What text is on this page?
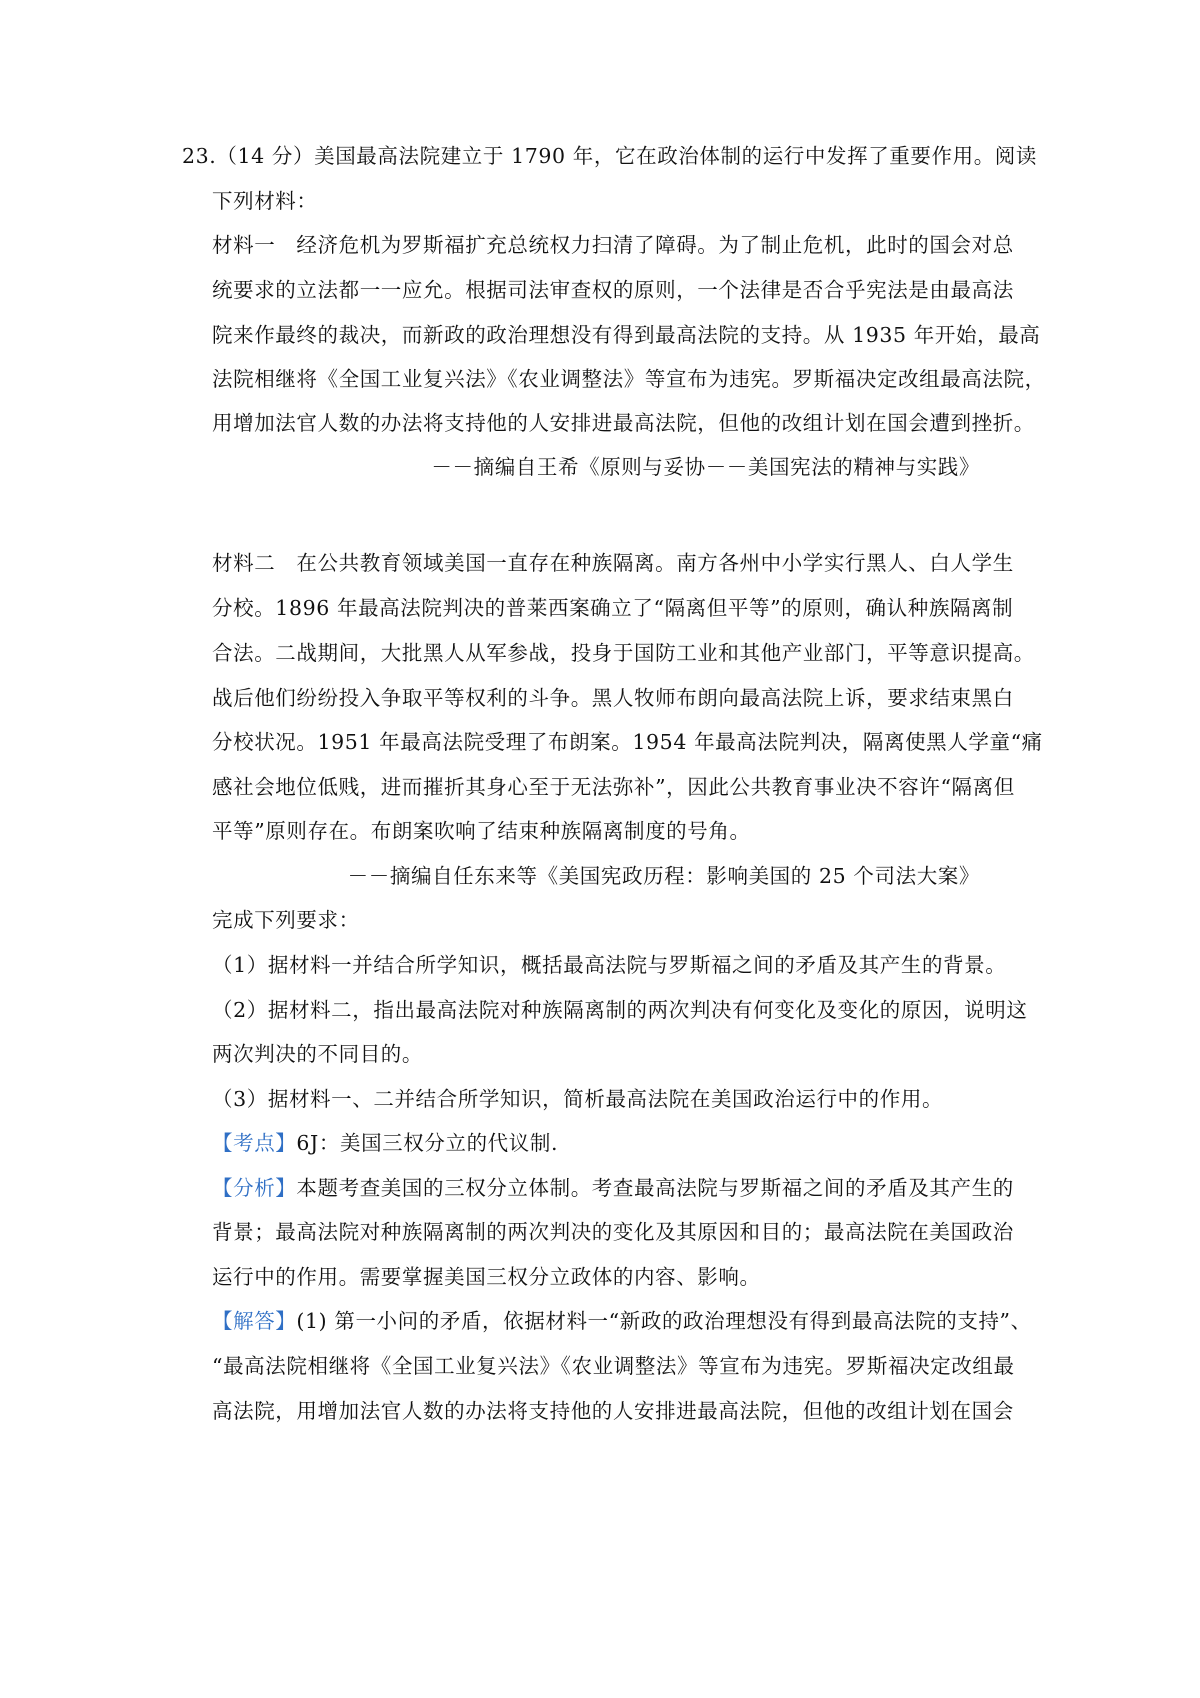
23.（14 分）美国最高法院建立于 1790 年，它在政治体制的运行中发挥了重要作用。阅读
下列材料：
材料一　经济危机为罗斯福扩充总统权力扫清了障碍。为了制止危机，此时的国会对总
统要求的立法都一一应允。根据司法审查权的原则，一个法律是否合乎宪法是由最高法
院来作最终的裁决，而新政的政治理想没有得到最高法院的支持。从 1935 年开始，最高
法院相继将《全国工业复兴法》《农业调整法》等宣布为违宪。罗斯福决定改组最高法院，
用增加法官人数的办法将支持他的人安排进最高法院，但他的改组计划在国会遭到挫折。
－－摘编自王希《原则与妥协－－美国宪法的精神与实践》
材料二　在公共教育领域美国一直存在种族隔离。南方各州中小学实行黑人、白人学生
分校。1896 年最高法院判决的普莱西案确立了“隔离但平等”的原则，确认种族隔离制
合法。二战期间，大批黑人从军参战，投身于国防工业和其他产业部门，平等意识提高。
战后他们纷纷投入争取平等权利的斗争。黑人牧师布朗向最高法院上诉，要求结束黑白
分校状况。1951 年最高法院受理了布朗案。1954 年最高法院判决，隔离使黑人学童“痛
感社会地位低贱，进而摧折其身心至于无法弥补”，因此公共教育事业决不容许“隔离但
平等”原则存在。布朗案吹响了结束种族隔离制度的号角。
－－摘编自任东来等《美国宪政历程：影响美国的 25 个司法大案》
完成下列要求：
（1）据材料一并结合所学知识，概括最高法院与罗斯福之间的矛盾及其产生的背景。
（2）据材料二，指出最高法院对种族隔离制的两次判决有何变化及变化的原因，说明这
两次判决的不同目的。
（3）据材料一、二并结合所学知识，简析最高法院在美国政治运行中的作用。
【考点】6J：美国三权分立的代议制.
【分析】本题考查美国的三权分立体制。考查最高法院与罗斯福之间的矛盾及其产生的
背景；最高法院对种族隔离制的两次判决的变化及其原因和目的；最高法院在美国政治
运行中的作用。需要掌握美国三权分立政体的内容、影响。
【解答】(1) 第一小问的矛盾，依据材料一“新政的政治理想没有得到最高法院的支持”、
“最高法院相继将《全国工业复兴法》《农业调整法》等宣布为违宪。罗斯福决定改组最
高法院，用增加法官人数的办法将支持他的人安排进最高法院，但他的改组计划在国会
